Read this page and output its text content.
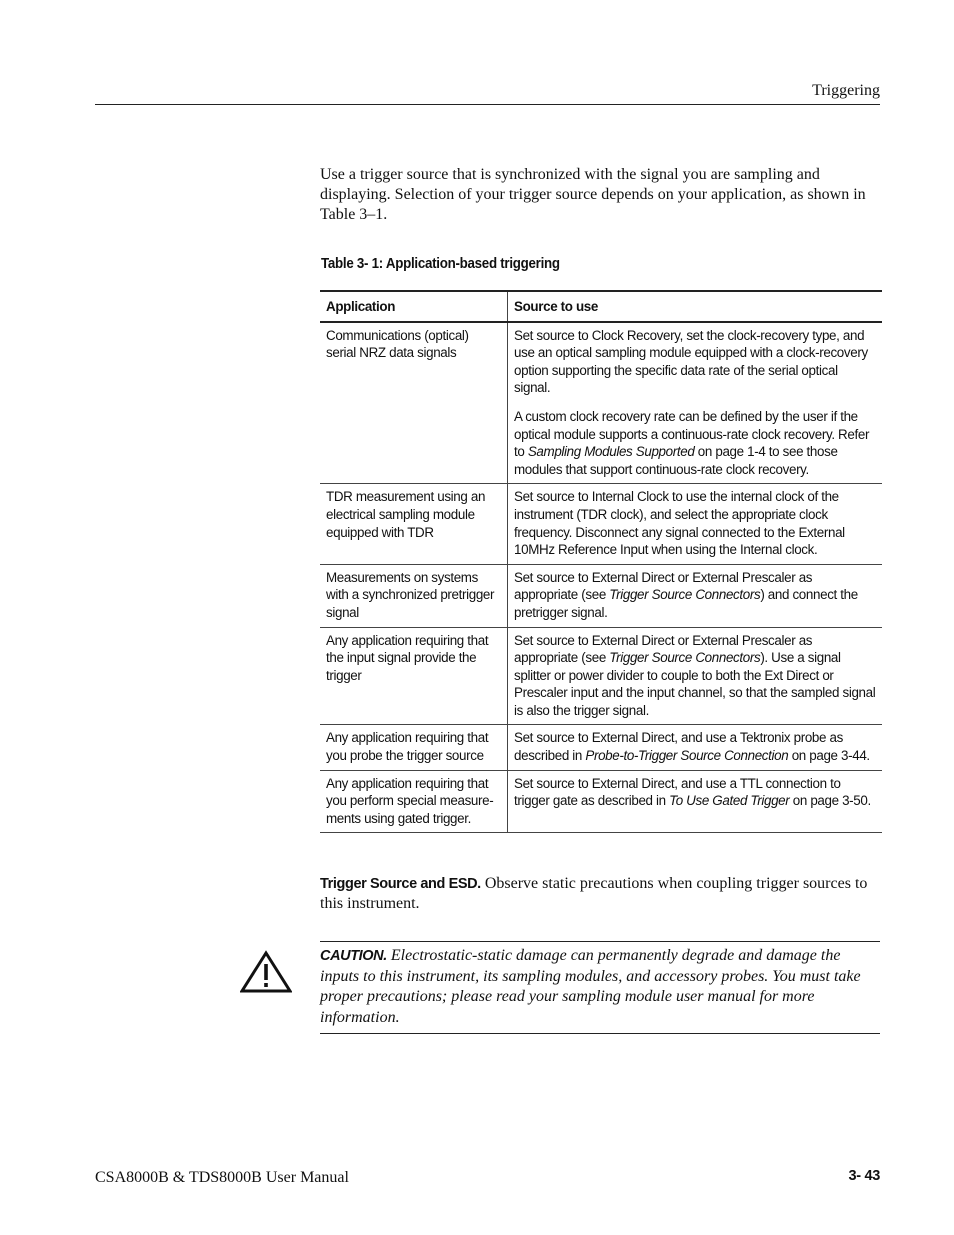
Triggering

Use a trigger source that is synchronized with the signal you are sampling and displaying. Selection of your trigger source depends on your application, as shown in Table 3–1.

Table 3- 1: Application-based triggering
Application	Source to use
Communications (optical) serial NRZ data signals	Set source to Clock Recovery, set the clock-recovery type, and use an optical sampling module equipped with a clock-recovery option supporting the specific data rate of the serial optical signal.

A custom clock recovery rate can be defined by the user if the optical module supports a continuous-rate clock recovery. Refer to Sampling Modules Supported on page 1-4 to see those modules that support continuous-rate clock recovery.

TDR measurement using an electrical sampling module equipped with TDR	Set source to Internal Clock to use the internal clock of the instrument (TDR clock), and select the appropriate clock frequency. Disconnect any signal connected to the External 10MHz Reference Input when using the Internal clock.
Measurements on systems with a synchronized pretrigger signal	Set source to External Direct or External Prescaler as appropriate (see Trigger Source Connectors) and connect the pretrigger signal.
Any application requiring that the input signal provide the trigger	Set source to External Direct or External Prescaler as appropriate (see Trigger Source Connectors). Use a signal splitter or power divider to couple to both the Ext Direct or Prescaler input and the input channel, so that the sampled signal is also the trigger signal.
Any application requiring that you probe the trigger source	Set source to External Direct, and use a Tektronix probe as described in Probe-to-Trigger Source Connection on page 3-44.
Any application requiring that you perform special measure-ments using gated trigger.	Set source to External Direct, and use a TTL connection to trigger gate as described in To Use Gated Trigger on page 3-50.

Trigger Source and ESD. Observe static precautions when coupling trigger sources to this instrument.

CAUTION. Electrostatic-static damage can permanently degrade and damage the inputs to this instrument, its sampling modules, and accessory probes. You must take proper precautions; please read your sampling module user manual for more information.

CSA8000B & TDS8000B User Manual	3- 43
